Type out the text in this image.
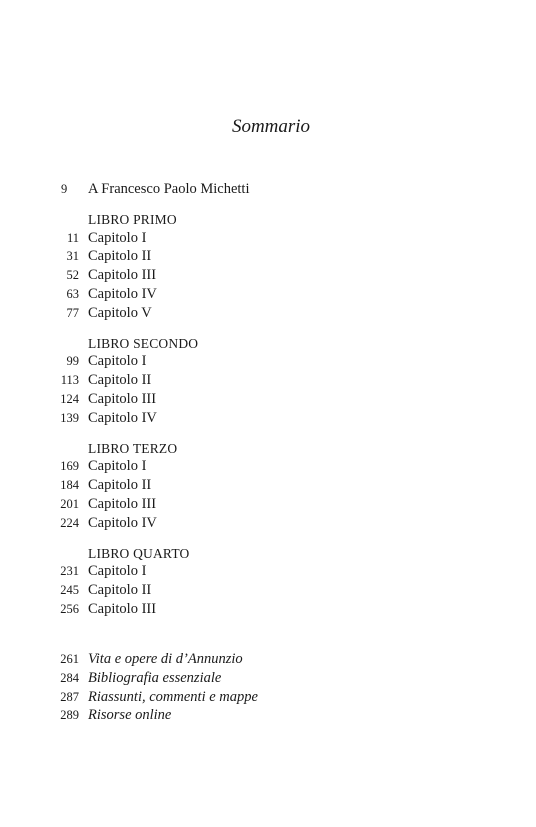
Sommario
9	A Francesco Paolo Michetti
LIBRO PRIMO
11 Capitolo I
31 Capitolo II
52 Capitolo III
63 Capitolo IV
77 Capitolo V
LIBRO SECONDO
99 Capitolo I
113 Capitolo II
124 Capitolo III
139 Capitolo IV
LIBRO TERZO
169 Capitolo I
184 Capitolo II
201 Capitolo III
224 Capitolo IV
LIBRO QUARTO
231 Capitolo I
245 Capitolo II
256 Capitolo III
261 Vita e opere di d’Annunzio
284 Bibliografia essenziale
287 Riassunti, commenti e mappe
289 Risorse online
